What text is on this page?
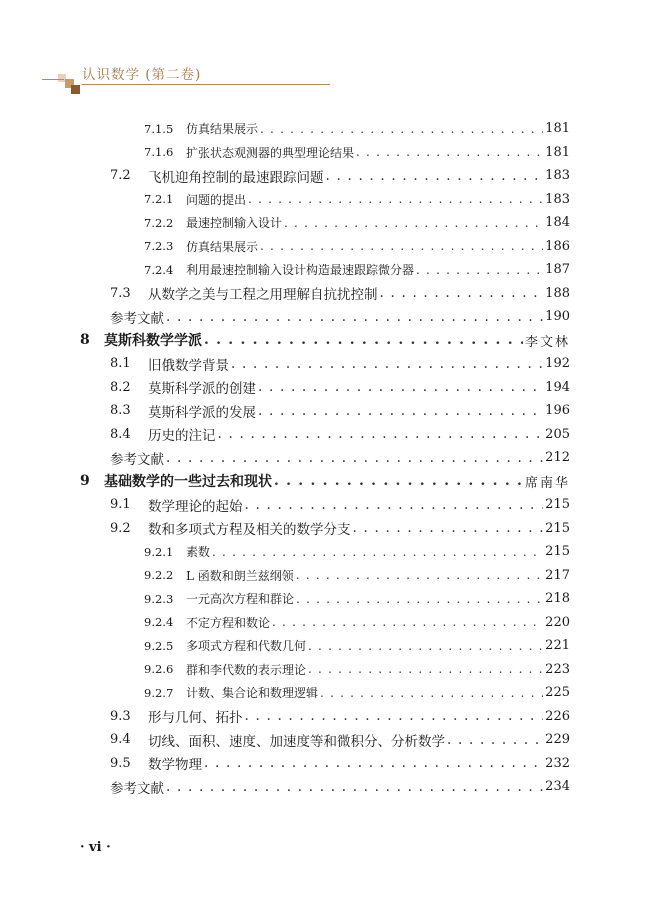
认识数学 (第二卷)
7.1.5	仿真结果展示 . . .	181
7.1.6	扩张状态观测器的典型理论结果 . . .	181
7.2	飞机迎角控制的最速跟踪问题 . . .	183
7.2.1	问题的提出 . . .	183
7.2.2	最速控制输入设计 . . .	184
7.2.3	仿真结果展示 . . .	186
7.2.4	利用最速控制输入设计构造最速跟踪微分器 . . .	187
7.3	从数学之美与工程之用理解自抗扰控制 . . .	188
参考文献 . . .	190
8	莫斯科数学学派 . . .	李文林
8.1	旧俄数学背景 . . .	192
8.2	莫斯科学派的创建 . . .	194
8.3	莫斯科学派的发展 . . .	196
8.4	历史的注记 . . .	205
参考文献 . . .	212
9	基础数学的一些过去和现状 . . .	席南华
9.1	数学理论的起始 . . .	215
9.2	数和多项式方程及相关的数学分支 . . .	215
9.2.1	素数 . . .	215
9.2.2	L 函数和朗兰兹纲领 . . .	217
9.2.3	一元高次方程和群论 . . .	218
9.2.4	不定方程和数论 . . .	220
9.2.5	多项式方程和代数几何 . . .	221
9.2.6	群和李代数的表示理论 . . .	223
9.2.7	计数、集合论和数理逻辑 . . .	225
9.3	形与几何、拓扑 . . .	226
9.4	切线、面积、速度、加速度等和微积分、分析数学 . . .	229
9.5	数学物理 . . .	232
参考文献 . . .	234
· vi ·
